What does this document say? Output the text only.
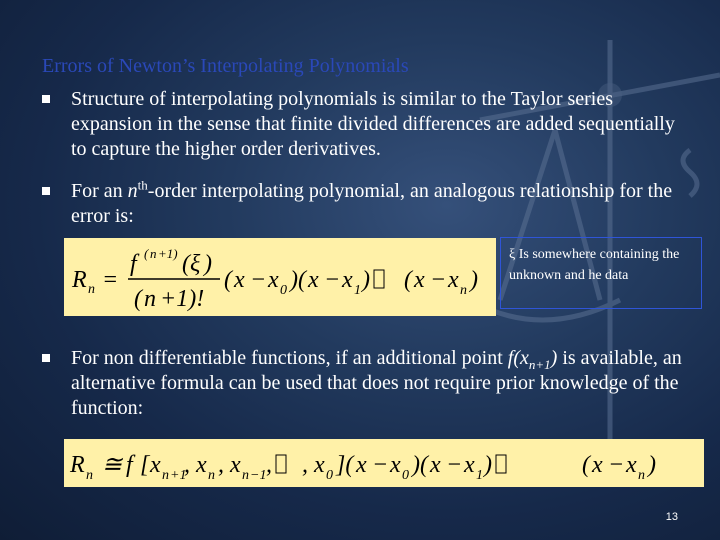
Errors of Newton’s Interpolating Polynomials
Structure of interpolating polynomials is similar to the Taylor series expansion in the sense that finite divided differences are added sequentially to capture the higher order derivatives.
For an $n^{th}$-order interpolating polynomial, an analogous relationship for the error is:
R n =
f ( n +1) ( ξ )
( n +1)!
( x − x 0 )( x − x 1 ) ( x − x n )
ξ Is somewhere containing the unknown and he data
For non differentiable functions, if an additional point $f(x_{n+1})$ is available, an alternative formula can be used that does not require prior knowledge of the function:
R n ≅ f [ x n +1
, x n , x n −1 , , x 0 ]( x − x 0 )( x − x 1 )	( x − x n )
13
